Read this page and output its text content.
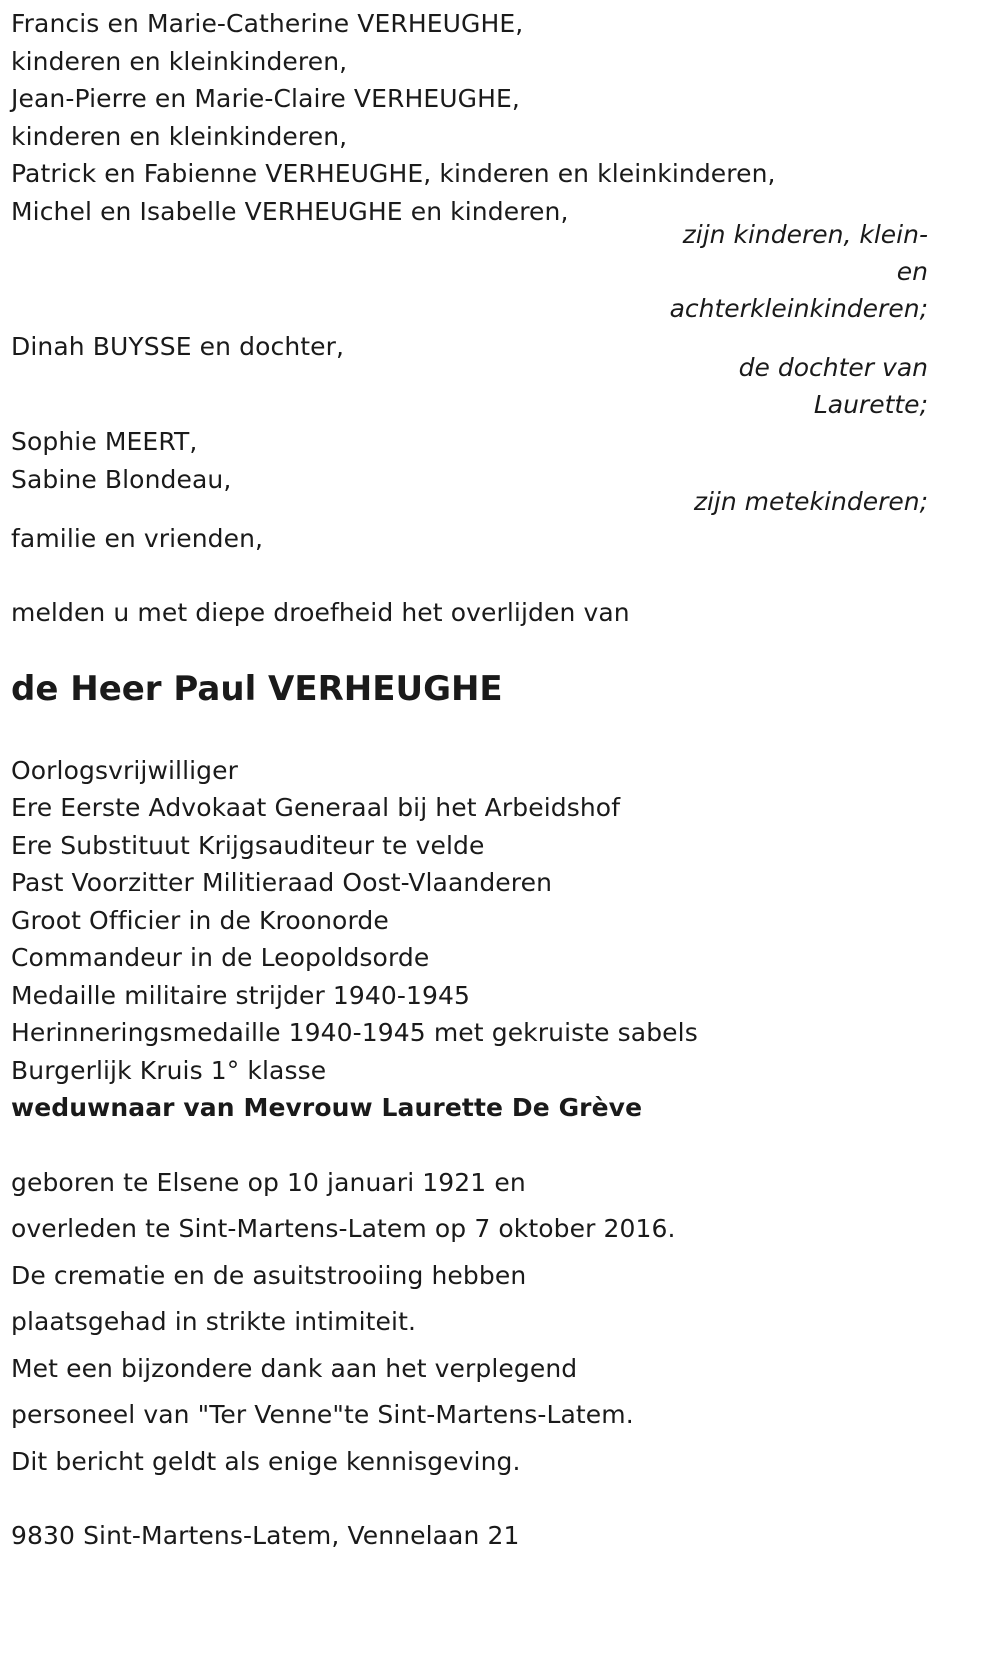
Francis en Marie-Catherine VERHEUGHE,
kinderen en kleinkinderen,
Jean-Pierre en Marie-Claire VERHEUGHE,
kinderen en kleinkinderen,
Patrick en Fabienne VERHEUGHE, kinderen en kleinkinderen,
Michel en Isabelle VERHEUGHE en kinderen,
zijn kinderen, klein-
en
achterkleinkinderen;
Dinah BUYSSE en dochter,
de dochter van
Laurette;
Sophie MEERT,
Sabine Blondeau,
zijn metekinderen;
familie en vrienden,
melden u met diepe droefheid het overlijden van
de Heer Paul VERHEUGHE
Oorlogsvrijwilliger
Ere Eerste Advokaat Generaal bij het Arbeidshof
Ere Substituut Krijgsauditeur te velde
Past Voorzitter Militieraad Oost-Vlaanderen
Groot Officier in de Kroonorde
Commandeur in de Leopoldsorde
Medaille militaire strijder 1940-1945
Herinneringsmedaille 1940-1945 met gekruiste sabels
Burgerlijk Kruis 1° klasse
weduwnaar van Mevrouw Laurette De Grève
geboren te Elsene op 10 januari 1921 en
overleden te Sint-Martens-Latem op 7 oktober 2016.
De crematie en de asuitstrooiing hebben
plaatsgehad in strikte intimiteit.
Met een bijzondere dank aan het verplegend
personeel van "Ter Venne"te Sint-Martens-Latem.
Dit bericht geldt als enige kennisgeving.
9830 Sint-Martens-Latem, Vennelaan 21
